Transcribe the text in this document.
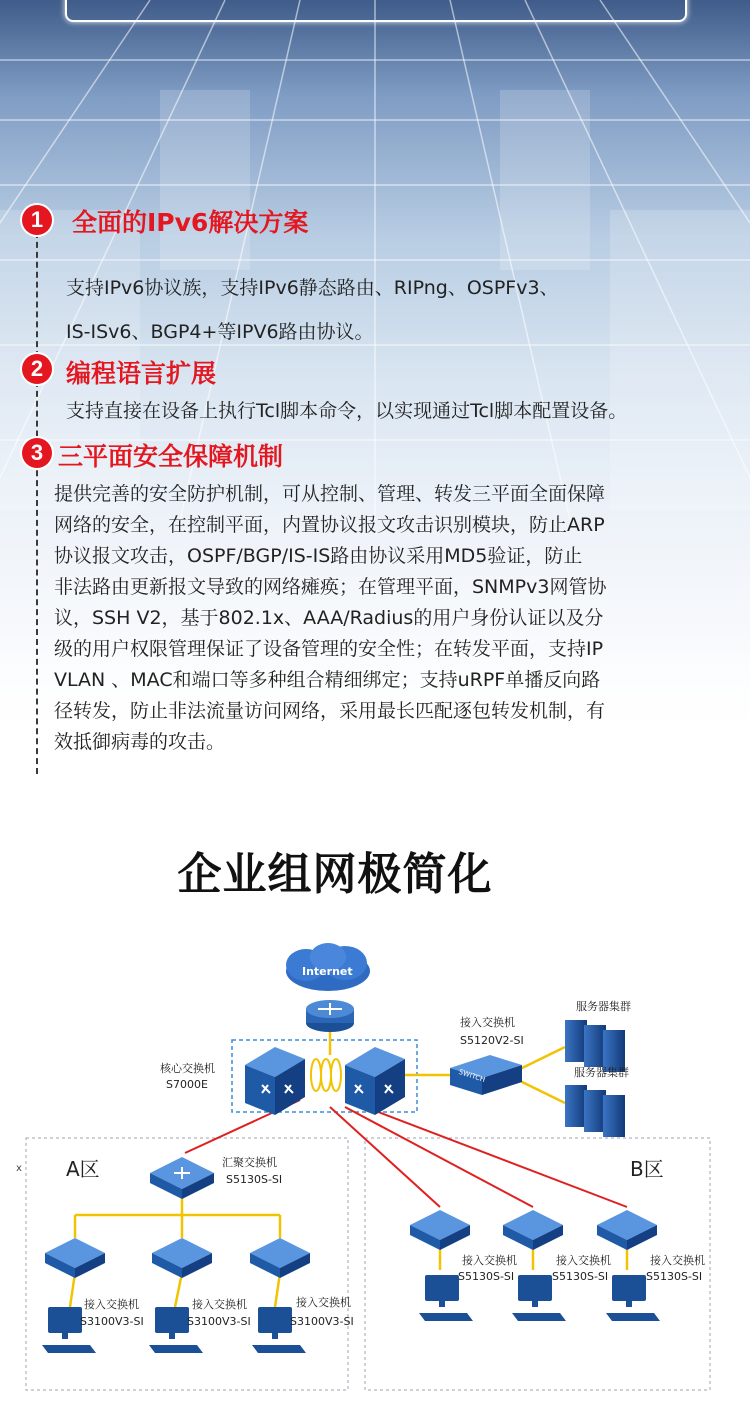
1	全面的IPv6解决方案

支持IPv6协议族，支持IPv6静态路由、RIPng、OSPFv3、

IS-ISv6、BGP4+等IPV6路由协议。

2 编程语言扩展

支持直接在设备上执行Tcl脚本命令，以实现通过Tcl脚本配置设备。

3 三平面安全保障机制

提供完善的安全防护机制，可从控制、管理、转发三平面全面保障

网络的安全，在控制平面，内置协议报文攻击识别模块，防止ARP

协议报文攻击，OSPF/BGP/IS-IS路由协议采用MD5验证，防止

非法路由更新报文导致的网络瘫痪；在管理平面，SNMPv3网管协

议，SSH V2，基于802.1x、AAA/Radius的用户身份认证以及分

级的用户权限管理保证了设备管理的安全性；在转发平面，支持IP

VLAN 、MAC和端口等多种组合精细绑定；支持uRPF单播反向路

径转发，防止非法流量访问网络，采用最长匹配逐包转发机制，有

效抵御病毒的攻击。

企业组网极简化
Internet
核心交换机
S7000E
接入交换机
S5120V2-SI
SWITCH
服务器集群
服务器集群
A区	B区
x	汇聚交换机
S5130S-SI
接入交换机
S3100V3-SI
接入交换机
S3100V3-SI
接入交换机
S3100V3-SI
接入交换机
S5130S-SI
接入交换机
S5130S-SI
接入交换机
S5130S-SI
